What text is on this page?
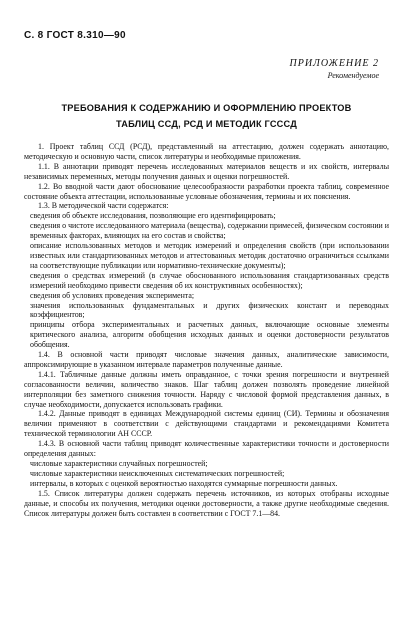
С. 8 ГОСТ 8.310—90
ПРИЛОЖЕНИЕ 2
Рекомендуемое
ТРЕБОВАНИЯ К СОДЕРЖАНИЮ И ОФОРМЛЕНИЮ ПРОЕКТОВ
ТАБЛИЦ ССД, РСД И МЕТОДИК ГСССД

1. Проект таблиц ССД (РСД), представленный на аттестацию, должен содержать аннотацию, методическую и основную части, список литературы и необходимые приложения.

1.1. В аннотации приводят перечень исследованных материалов веществ и их свойств, интервалы независимых переменных, методы получения данных и оценки погрешностей.

1.2. Во вводной части дают обоснование целесообразности разработки проекта таблиц, современное состояние объекта аттестации, использованные условные обозначения, термины и их пояснения.

1.3. В методической части содержатся:

сведения об объекте исследования, позволяющие его идентифицировать;

сведения о чистоте исследованного материала (вещества), содержании примесей, физическом состоянии и временных факторах, влияющих на его состав и свойства;

описание использованных методов и методик измерений и определения свойств (при использовании известных или стандартизованных методов и аттестованных методик достаточно ограничиться ссылками на соответствующие публикации или нормативно-технические документы);

сведения о средствах измерений (в случае обоснованного использования стандартизованных средств измерений необходимо привести сведения об их конструктивных особенностях);

сведения об условиях проведения эксперимента;

значения использованных фундаментальных и других физических констант и переводных коэффициентов;

принципы отбора экспериментальных и расчетных данных, включающие основные элементы критического анализа, алгоритм обобщения исходных данных и оценки достоверности результатов обобщения.

1.4. В основной части приводят числовые значения данных, аналитические зависимости, аппроксимирующие в указанном интервале параметров полученные данные.

1.4.1. Табличные данные должны иметь оправданное, с точки зрения погрешности и внутренней согласованности величин, количество знаков. Шаг таблиц должен позволять проведение линейной интерполяции без заметного снижения точности. Наряду с числовой формой представления данных, в случае необходимости, допускается использовать графики.

1.4.2. Данные приводят в единицах Международной системы единиц (СИ). Термины и обозначения величин применяют в соответствии с действующими стандартами и рекомендациями Комитета технической терминологии АН СССР.

1.4.3. В основной части таблиц приводят количественные характеристики точности и достоверности определения данных:

числовые характеристики случайных погрешностей;

числовые характеристики неисключенных систематических погрешностей;

интервалы, в которых с оценкой вероятностью находятся суммарные погрешности данных.

1.5. Список литературы должен содержать перечень источников, из которых отобраны исходные данные, и способы их получения, методики оценки достоверности, а также другие необходимые сведения. Список литературы должен быть составлен в соответствии с ГОСТ 7.1—84.
